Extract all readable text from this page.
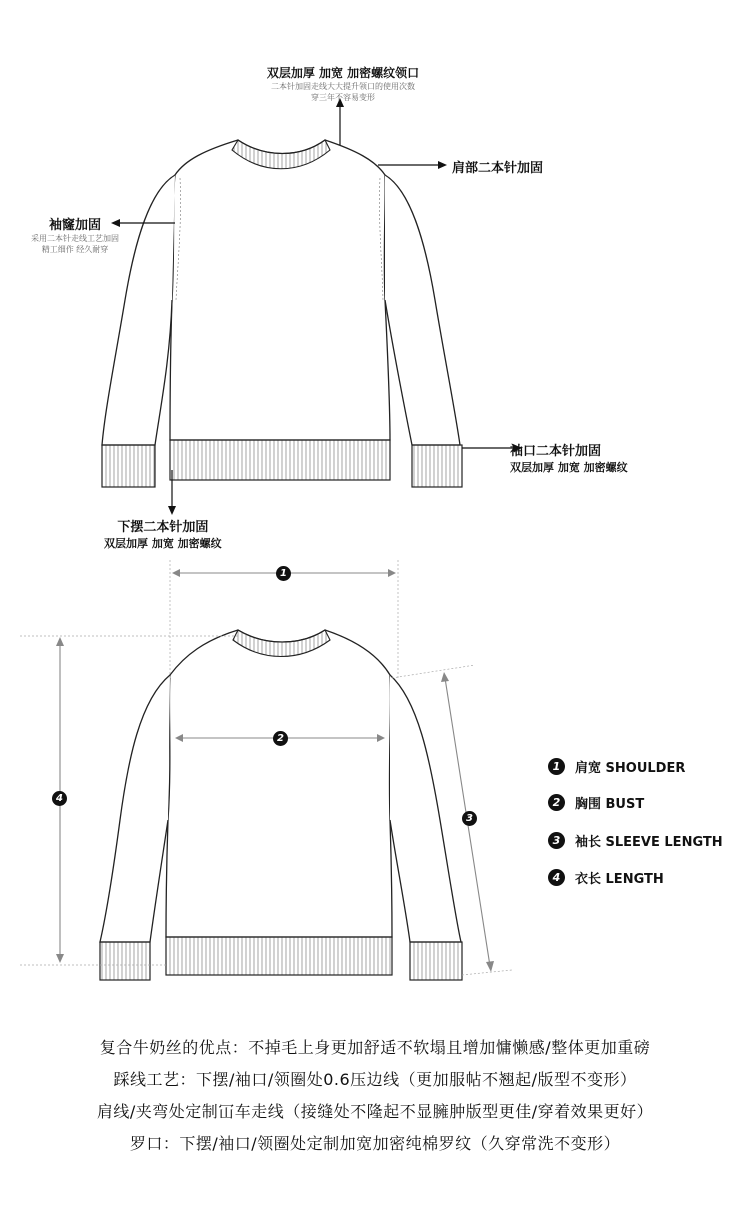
1
2
3
4
双层加厚 加宽 加密螺纹领口
二本针加固走线大大提升领口的使用次数
穿三年不容易变形
肩部二本针加固
袖窿加固
采用二本针走线工艺加固
精工细作 经久耐穿
袖口二本针加固
双层加厚 加宽 加密螺纹
下摆二本针加固
双层加厚 加宽 加密螺纹
1	肩宽 SHOULDER
2	胸围 BUST
3	袖长 SLEEVE LENGTH
4	衣长 LENGTH
复合牛奶丝的优点：不掉毛上身更加舒适不软塌且增加慵懒感/整体更加重磅
踩线工艺：下摆/袖口/领圈处0.6压边线（更加服帖不翘起/版型不变形）
肩线/夹弯处定制冚车走线（接缝处不隆起不显臃肿版型更佳/穿着效果更好）
罗口：下摆/袖口/领圈处定制加宽加密纯棉罗纹（久穿常洗不变形）
